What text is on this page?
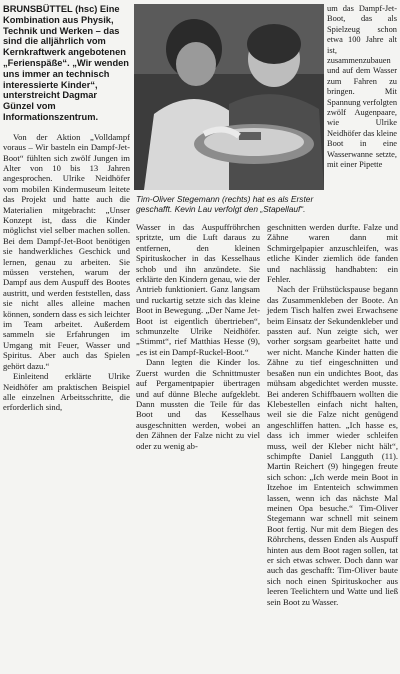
BRUNSBÜTTEL (hsc) Eine Kombination aus Physik, Technik und Werken – das sind die alljährlich vom Kernkraftwerk angebotenen „Ferienspäße“. „Wir wenden uns immer an technisch interessierte Kinder“, unterstreicht Dagmar Günzel vom Informationszentrum.

Von der Aktion „Volldampf voraus – Wir basteln ein Dampf-Jet-Boot“ fühlten sich zwölf Jungen im Alter von 10 bis 13 Jahren angesprochen. Ulrike Neidhöfer vom mobilen Kindermuseum leitete das Projekt und hatte auch die Materialien mitgebracht: „Unser Konzept ist, dass die Kinder möglichst viel selber machen sollen. Bei dem Dampf-Jet-Boot benötigen sie handwerkliches Geschick und lernen, genau zu arbeiten. Sie müssen verstehen, warum der Dampf aus dem Auspuff des Bootes austritt, und werden feststellen, dass sie nicht alles alleine machen können, sondern dass es sich leichter im Team arbeitet. Außerdem sammeln sie Erfahrungen im Umgang mit Feuer, Wasser und Spiritus. Aber auch das Spielen gehört dazu.“

Einleitend erklärte Ulrike Neidhöfer am praktischen Beispiel alle einzelnen Arbeitsschritte, die erforderlich sind,

um das Dampf-Jet-Boot, das als Spielzeug schon etwa 100 Jahre alt ist, zusammenzubauen und auf dem Wasser zum Fahren zu bringen. Mit Spannung verfolgten zwölf Augenpaare, wie Ulrike Neidhöfer das kleine Boot in eine Wasserwanne setzte, mit einer Pipette

Tim-Oliver Stegemann (rechts) hat es als Erster geschafft. Kevin Lau verfolgt den „Stapellauf“.

Wasser in das Auspuffröhrchen spritzte, um die Luft daraus zu entfernen, den kleinen Spirituskocher in das Kesselhaus schob und ihn anzündete. Sie erklärte den Kindern genau, wie der Antrieb funktioniert. Ganz langsam und ruckartig setzte sich das kleine Boot in Bewegung. „Der Name Jet-Boot ist eigentlich übertrieben“, schmunzelte Ulrike Neidhöfer. „Stimmt“, rief Matthias Hesse (9), „es ist ein Dampf-Ruckel-Boot.“

Dann legten die Kinder los. Zuerst wurden die Schnittmuster auf Pergamentpapier übertragen und auf dünne Bleche aufgeklebt. Dann mussten die Teile für das Boot und das Kesselhaus ausgeschnitten werden, wobei an den Zähnen der Falze nicht zu viel oder zu wenig ab-

geschnitten werden durfte. Falze und Zähne waren dann mit Schmirgelpapier anzuschleifen, was etliche Kinder ziemlich öde fanden und nachlässig handhabten: ein Fehler.

Nach der Frühstückspause begann das Zusammenkleben der Boote. An jedem Tisch halfen zwei Erwachsene beim Einsatz der Sekundenkleber und passten auf. Nun zeigte sich, wer vorher sorgsam gearbeitet hatte und wer nicht. Manche Kinder hatten die Zähne zu tief eingeschnitten und besaßen nun ein undichtes Boot, das mühsam abgedichtet werden musste. Bei anderen Schiffbauern wollten die Klebestellen einfach nicht halten, weil sie die Falze nicht genügend angeschliffen hatten. „Ich hasse es, dass ich immer wieder schleifen muss, weil der Kleber nicht hält“, schimpfte Daniel Langguth (11). Martin Reichert (9) hingegen freute sich schon: „Ich werde mein Boot in Itzehoe im Ententeich schwimmen lassen, wenn ich das nächste Mal meinen Opa besuche.“ Tim-Oliver Stegemann war schnell mit seinem Boot fertig. Nur mit dem Biegen des Röhrchens, dessen Enden als Auspuff hinten aus dem Boot ragen sollen, tat er sich etwas schwer. Doch dann war auch das geschafft: Tim-Oliver baute sich noch einen Spirituskocher aus leeren Teelichtern und Watte und ließ sein Boot zu Wasser.
